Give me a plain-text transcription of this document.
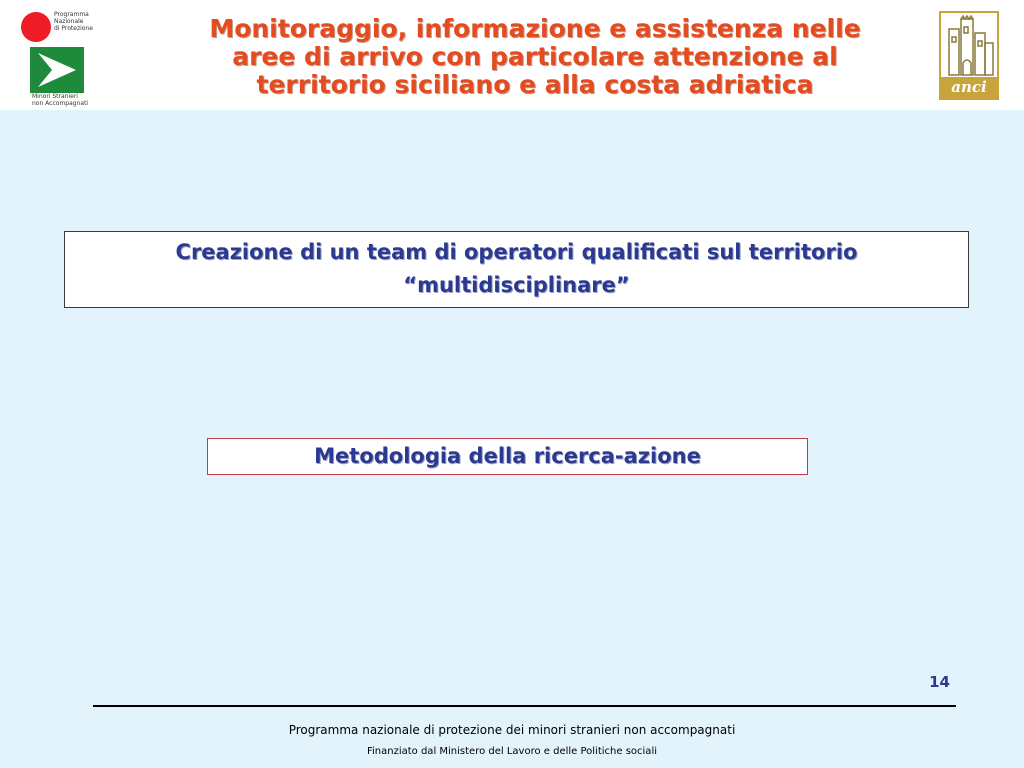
Programma
Nazionale
di Protezione
Minori Stranieri
non Accompagnati
Monitoraggio, informazione e assistenza nelle
aree di arrivo con particolare attenzione al
territorio siciliano e alla costa adriatica	anci
Creazione di un team di operatori qualificati sul territorio
“multidisciplinare”
Metodologia della ricerca-azione
14
Programma nazionale di protezione dei minori stranieri non accompagnati
Finanziato dal Ministero del Lavoro e delle Politiche sociali
